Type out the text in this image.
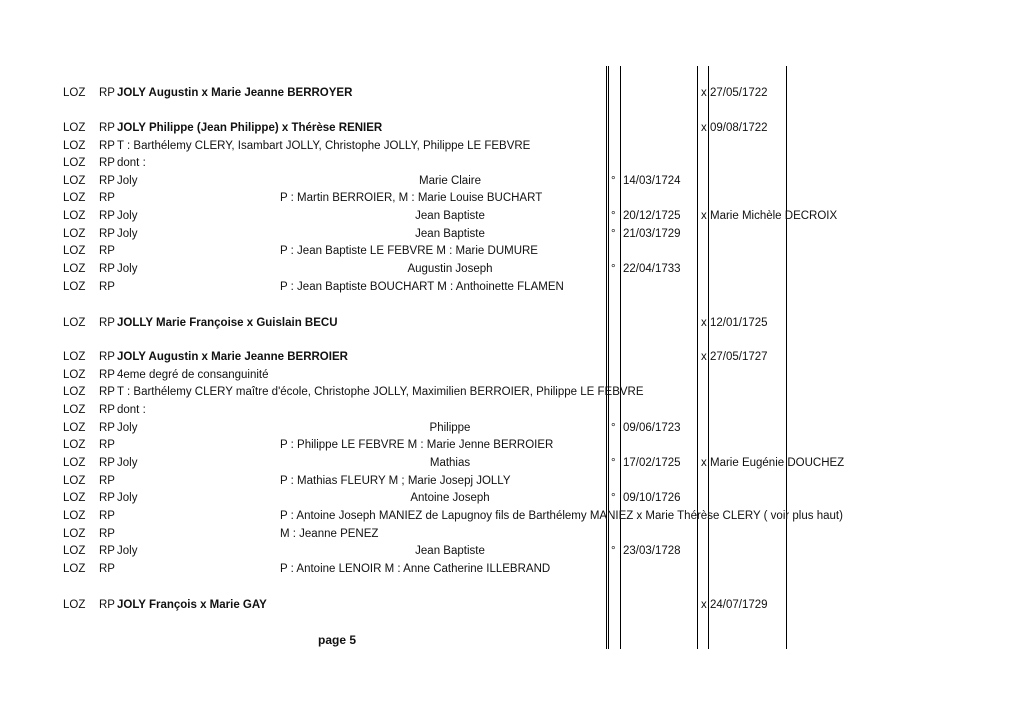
LOZ RP JOLY Augustin x Marie Jeanne BERROYER	x 27/05/1722
LOZ RP JOLY Philippe (Jean Philippe) x Thérèse RENIER	x 09/08/1722
LOZ RP T : Barthélemy CLERY, Isambart JOLLY, Christophe JOLLY, Philippe LE FEBVRE
LOZ RP dont :
LOZ RP Joly	Marie Claire	° 14/03/1724
LOZ RP	P : Martin BERROIER, M : Marie Louise BUCHART
LOZ RP Joly	Jean Baptiste	° 20/12/1725 x Marie Michèle DECROIX
LOZ RP Joly	Jean Baptiste	° 21/03/1729
LOZ RP	P : Jean Baptiste LE FEBVRE M : Marie DUMURE
LOZ RP Joly	Augustin Joseph	° 22/04/1733
LOZ RP	P : Jean Baptiste BOUCHART M : Anthoinette FLAMEN
LOZ RP JOLLY Marie Françoise x Guislain BECU	x 12/01/1725
LOZ RP JOLY Augustin x Marie Jeanne BERROIER	x 27/05/1727
LOZ RP 4eme degré de consanguinité
LOZ RP T : Barthélemy CLERY maître d'école, Christophe JOLLY, Maximilien BERROIER, Philippe LE FEBVRE
LOZ RP dont :
LOZ RP Joly	Philippe	° 09/06/1723
LOZ RP	P : Philippe LE FEBVRE M : Marie Jenne BERROIER
LOZ RP Joly	Mathias	° 17/02/1725 x Marie Eugénie DOUCHEZ
LOZ RP	P : Mathias FLEURY M ; Marie Josepj JOLLY
LOZ RP Joly	Antoine Joseph	° 09/10/1726
LOZ RP	P : Antoine Joseph MANIEZ de Lapugnoy fils de Barthélemy MANIEZ x Marie Thérèse CLERY ( voir plus haut)
LOZ RP	M : Jeanne PENEZ
LOZ RP Joly	Jean Baptiste	° 23/03/1728
LOZ RP	P : Antoine LENOIR M : Anne Catherine ILLEBRAND
LOZ RP JOLY François x Marie GAY	x 24/07/1729
page 5
